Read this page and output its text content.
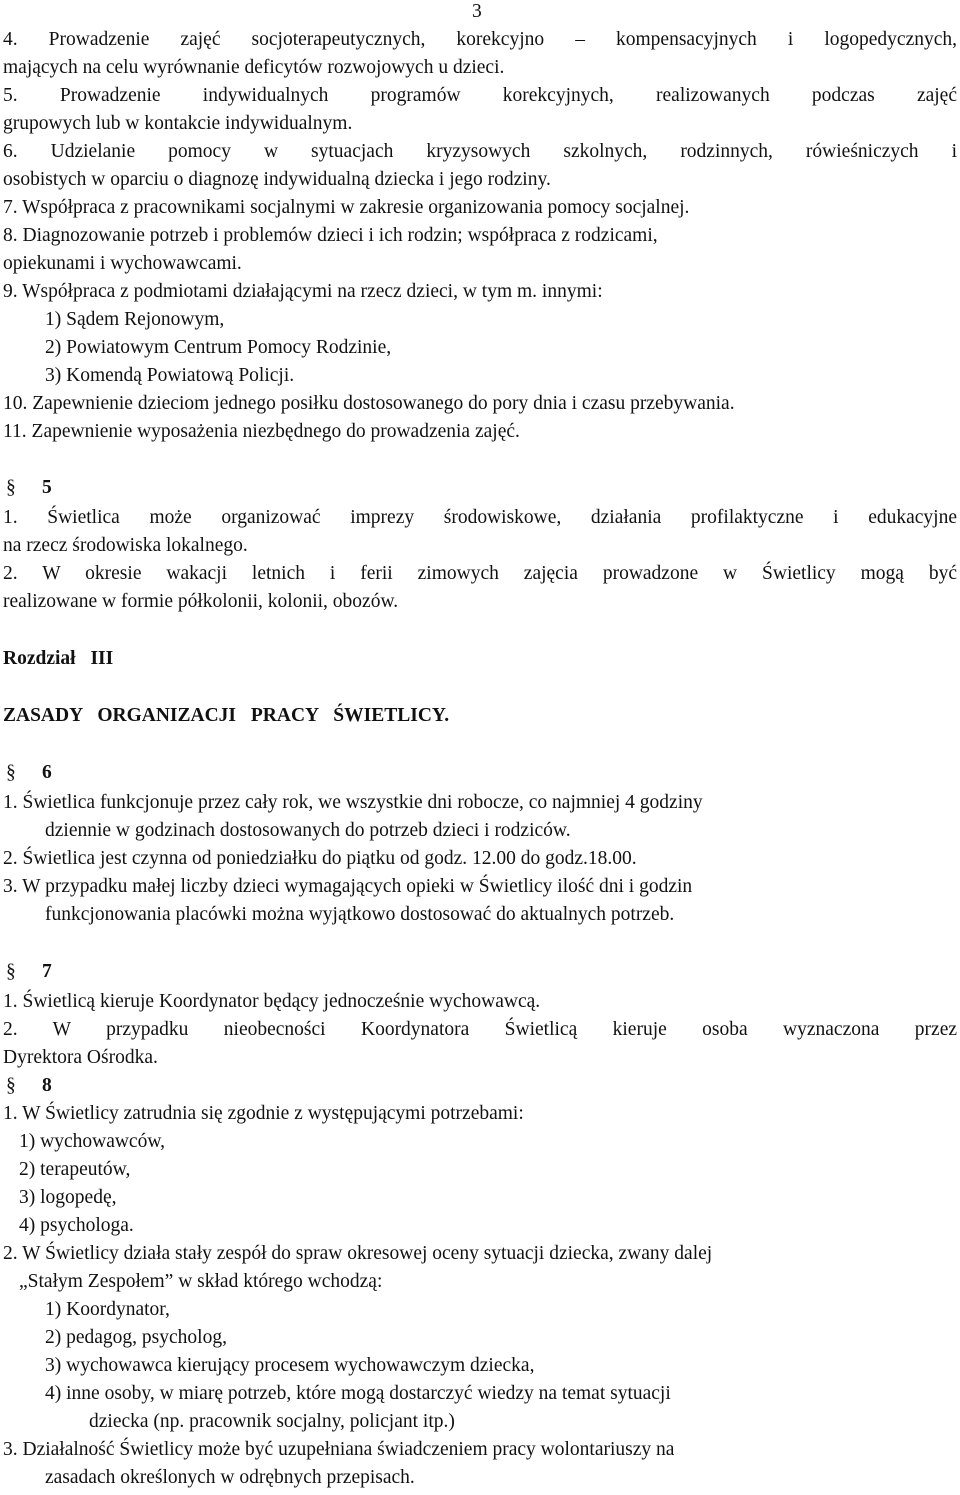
3
4. Prowadzenie zajęć socjoterapeutycznych, korekcyjno – kompensacyjnych i logopedycznych,
mających na celu wyrównanie deficytów rozwojowych u dzieci.
5. Prowadzenie indywidualnych programów korekcyjnych, realizowanych podczas zajęć
grupowych lub w kontakcie indywidualnym.
6. Udzielanie pomocy w sytuacjach kryzysowych szkolnych, rodzinnych, rówieśniczych i
osobistych w oparciu o diagnozę indywidualną dziecka i jego rodziny.
7. Współpraca z pracownikami socjalnymi w zakresie organizowania pomocy socjalnej.
8. Diagnozowanie potrzeb i problemów dzieci i ich rodzin; współpraca z rodzicami,
opiekunami i wychowawcami.
9. Współpraca z podmiotami działającymi na rzecz dzieci, w tym m. innymi:
1) Sądem Rejonowym,
2) Powiatowym Centrum Pomocy Rodzinie,
3) Komendą Powiatową Policji.
10. Zapewnienie dzieciom jednego posiłku dostosowanego do pory dnia i czasu przebywania.
11. Zapewnienie wyposażenia niezbędnego do prowadzenia zajęć.
§ 5
1. Świetlica może organizować imprezy środowiskowe, działania profilaktyczne i edukacyjne
na rzecz środowiska lokalnego.
2. W okresie wakacji letnich i ferii zimowych zajęcia prowadzone w Świetlicy mogą być
realizowane w formie półkolonii, kolonii, obozów.
Rozdział III
ZASADY ORGANIZACJI PRACY ŚWIETLICY.
§ 6
1. Świetlica funkcjonuje przez cały rok, we wszystkie dni robocze, co najmniej 4 godziny
dziennie w godzinach dostosowanych do potrzeb dzieci i rodziców.
2. Świetlica jest czynna od poniedziałku do piątku od godz. 12.00 do godz.18.00.
3. W przypadku małej liczby dzieci wymagających opieki w Świetlicy ilość dni i godzin
funkcjonowania placówki można wyjątkowo dostosować do aktualnych potrzeb.
§ 7
1. Świetlicą kieruje Koordynator będący jednocześnie wychowawcą.
2. W przypadku nieobecności Koordynatora Świetlicą kieruje osoba wyznaczona przez
Dyrektora Ośrodka.
§ 8
1. W Świetlicy zatrudnia się zgodnie z występującymi potrzebami:
1) wychowawców,
2) terapeutów,
3) logopedę,
4) psychologa.
2. W Świetlicy działa stały zespół do spraw okresowej oceny sytuacji dziecka, zwany dalej
„Stałym Zespołem” w skład którego wchodzą:
1) Koordynator,
2) pedagog, psycholog,
3) wychowawca kierujący procesem wychowawczym dziecka,
4) inne osoby, w miarę potrzeb, które mogą dostarczyć wiedzy na temat sytuacji
dziecka (np. pracownik socjalny, policjant itp.)
3. Działalność Świetlicy może być uzupełniana świadczeniem pracy wolontariuszy na
zasadach określonych w odrębnych przepisach.
